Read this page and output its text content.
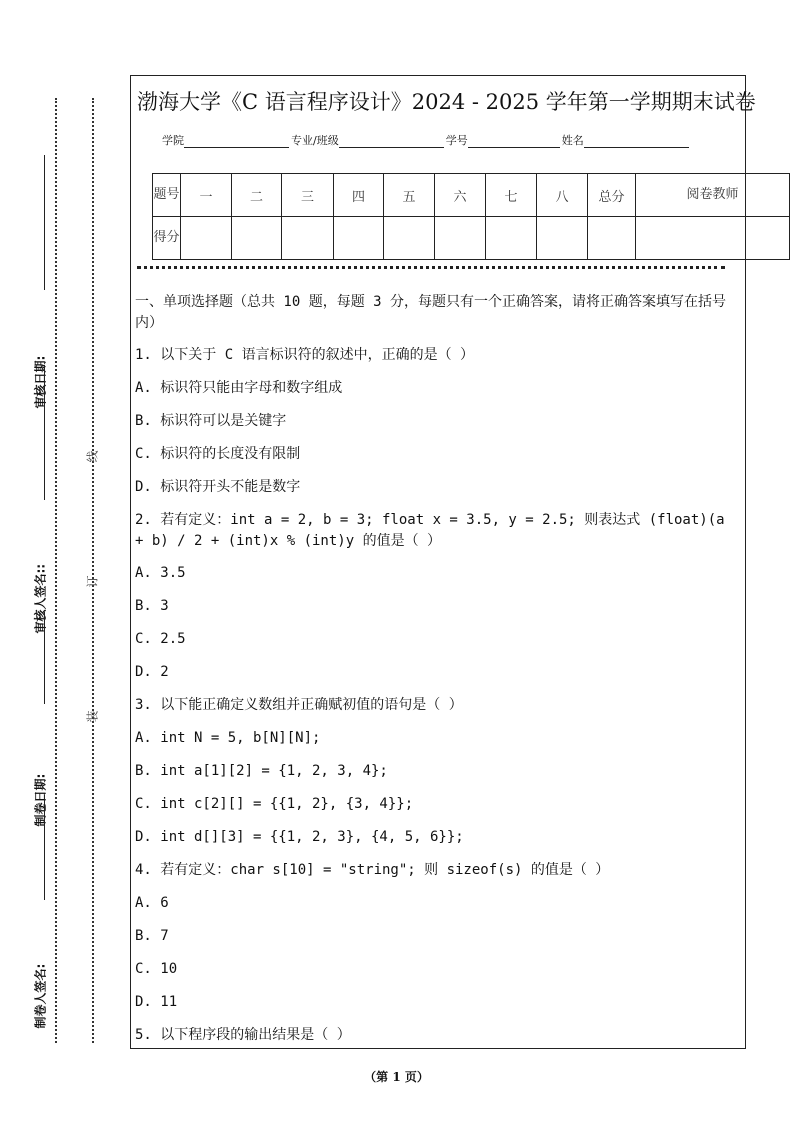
线
订
装
审核日期:
审核人签名::
制卷日期:
制卷人签名:
渤海大学《C 语言程序设计》2024 - 2025 学年第一学期期末试卷
学院	专业/班级	学号	姓名
题号	一	二	三	四	五	六	七	八	总分	阅卷教师
得分										
一、单项选择题（总共 10 题，每题 3 分，每题只有一个正确答案，请将正确答案填写在括号内）
1. 以下关于 C 语言标识符的叙述中，正确的是（ ）
A. 标识符只能由字母和数字组成
B. 标识符可以是关键字
C. 标识符的长度没有限制
D. 标识符开头不能是数字
2. 若有定义：int a = 2, b = 3; float x = 3.5, y = 2.5; 则表达式 (float)(a + b) / 2 + (int)x % (int)y 的值是（ ）
A. 3.5
B. 3
C. 2.5
D. 2
3. 以下能正确定义数组并正确赋初值的语句是（ ）
A. int N = 5, b[N][N];
B. int a[1][2] = {1, 2, 3, 4};
C. int c[2][] = {{1, 2}, {3, 4}};
D. int d[][3] = {{1, 2, 3}, {4, 5, 6}};
4. 若有定义：char s[10] = "string"; 则 sizeof(s) 的值是（ ）
A. 6
B. 7
C. 10
D. 11
5. 以下程序段的输出结果是（ ）
（第 1 页）
